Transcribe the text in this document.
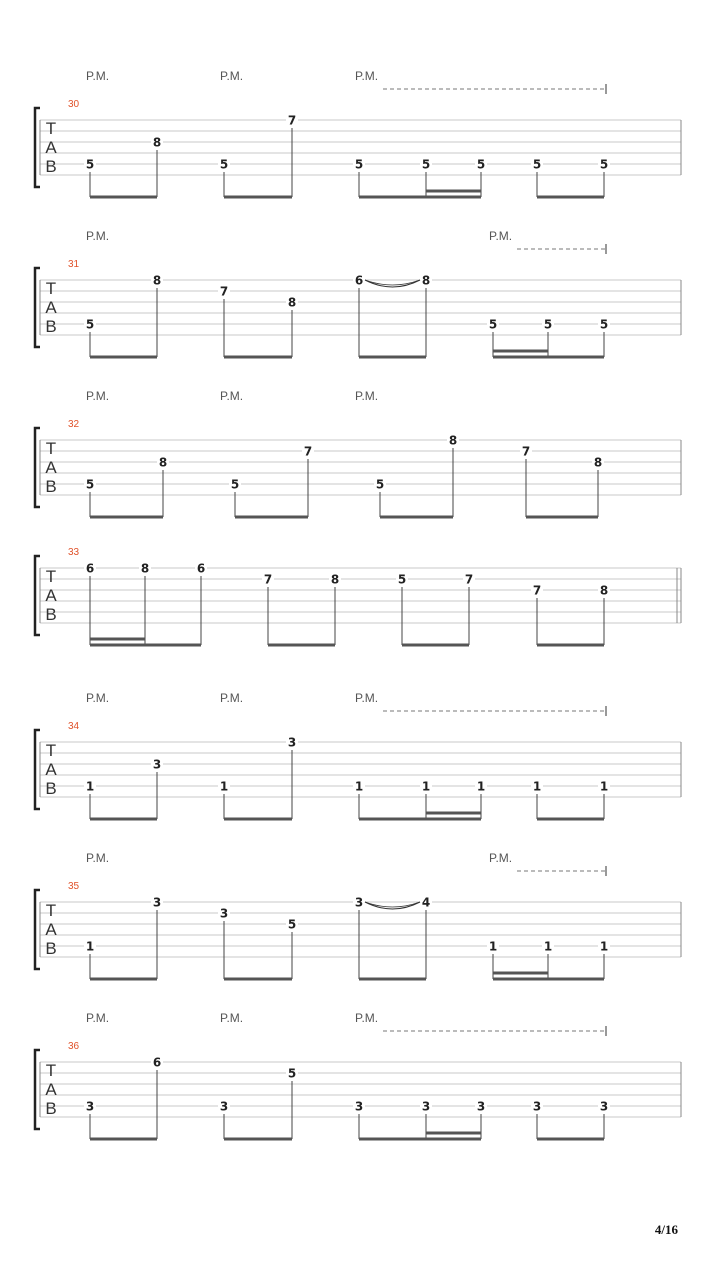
T
A
B
30
P.M.	P.M.	P.M.
5
8
5
7
5	5	5	5	5
T
A
B
31
P.M.	P.M.
5
8
7
8
6	8
5	5	5
T
A
B
32
P.M.	P.M.	P.M.
5
8
5
7
5
8
7
8
T
A
B
33
6	8	6
7	8	5	7
7	8
T
A
B
34
P.M.	P.M.	P.M.
1
3
1
3
1	1	1	1	1
T
A
B
35
P.M.	P.M.
1
3
3
5
3	4
1	1	1
T
A
B
36
P.M.	P.M.	P.M.
3
6
3
5
3	3	3	3	3
4/16
